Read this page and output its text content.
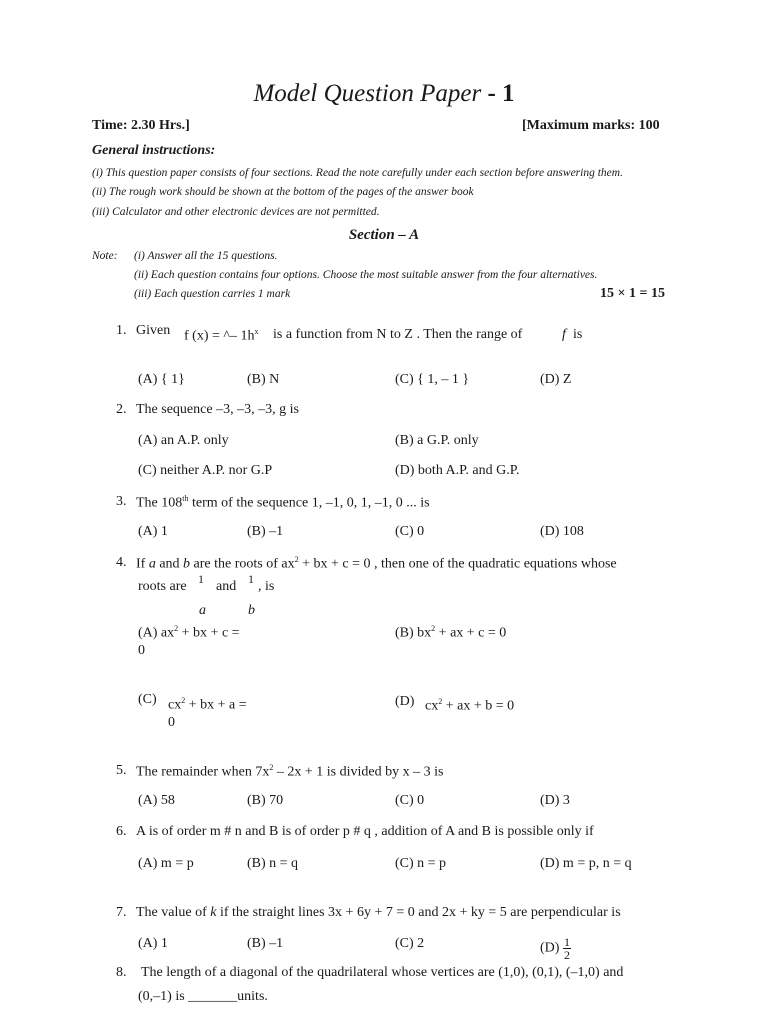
Model Question Paper - 1
Time: 2.30 Hrs.]	[Maximum marks: 100
General instructions:
(i) This question paper consists of four sections. Read the note carefully under each section before answering them.
(ii) The rough work should be shown at the bottom of the pages of the answer book
(iii) Calculator and other electronic devices are not permitted.
Section – A
Note: (i) Answer all the 15 questions.
(ii) Each question contains four options. Choose the most suitable answer from the four alternatives.
(iii) Each question carries 1 mark	15 × 1 = 15
1. Given f (x) = ^– $1h^x$ is a function from N to Z . Then the range of	f is
(A) { 1}	(B) N	(C) { 1, – 1 }	(D) Z
2. The sequence –3, –3, –3, g is
(A) an A.P. only	(B) a G.P. only
(C) neither A.P. nor G.P	(D) both A.P. and G.P.
3. The 108th term of the sequence 1, –1, 0, 1, –1, 0 ... is
(A) 1	(B) –1	(C) 0	(D) 108
4. If a and b are the roots of $ax^2$ + bx + c = 0 , then one of the quadratic equations whose
roots are 1 and 1 , is
a	b
(A) $ax^2$ + bx + c =
0
(B) $bx^2$ + ax + c = 0
(C) $cx^2$ + bx + a =
0
(D) $cx^2$ + ax + b = 0
5. The remainder when $7x^2 - 2x + 1$ is divided by x – 3 is
(A) 58	(B) 70	(C) 0	(D) 3
6. A is of order m # n and B is of order p # q , addition of A and B is possible only if
(A) m = p	(B) n = q	(C) n = p	(D) m = p, n = q
7. The value of k if the straight lines 3x + 6y + 7 = 0 and 2x + ky = 5 are perpendicular is
(A) 1	(B) –1	(C) 2	$(D) \frac{1}{2}$
8. The length of a diagonal of the quadrilateral whose vertices are (1,0), (0,1), (–1,0) and
(0,–1) is _______units.
